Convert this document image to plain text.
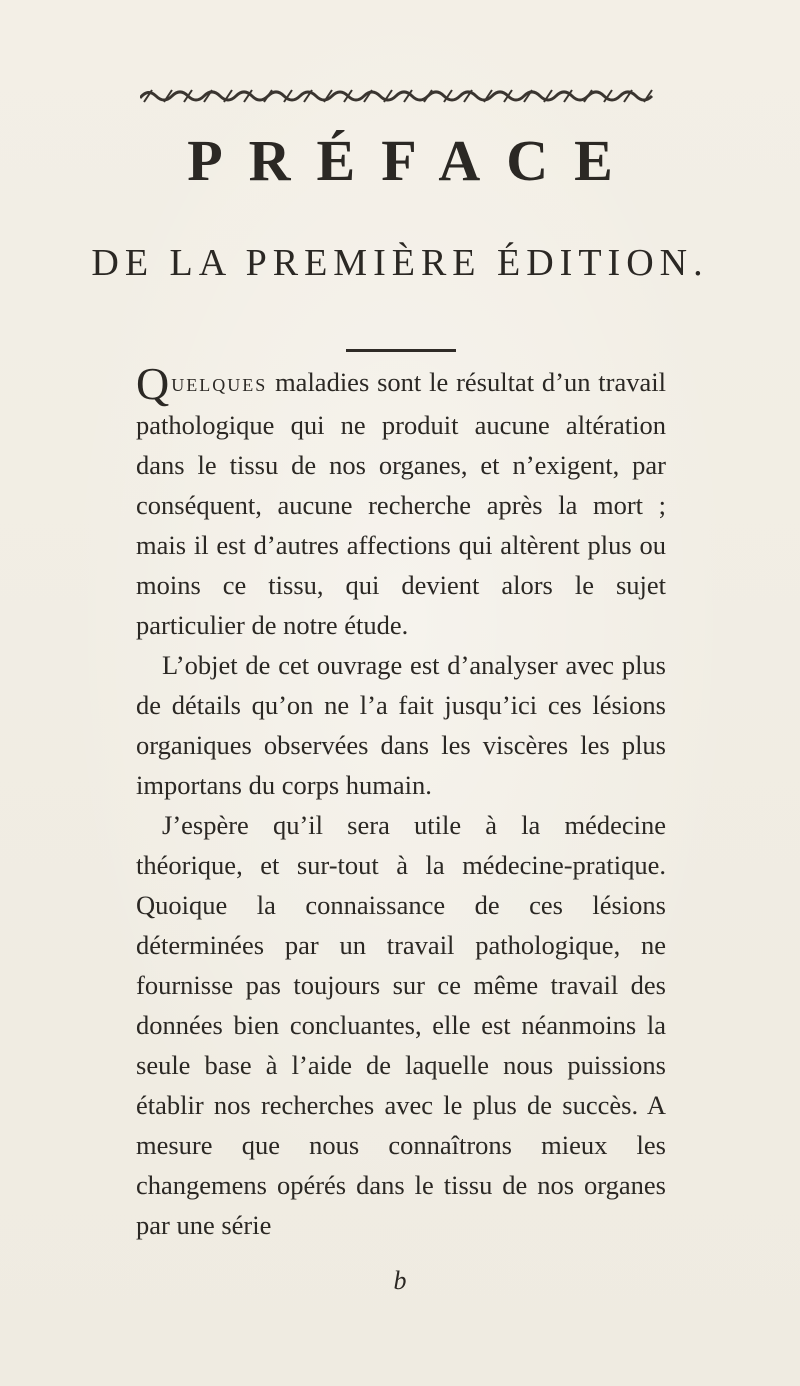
PRÉFACE
DE LA PREMIÈRE ÉDITION.

QUELQUES maladies sont le résultat d’un travail pathologique qui ne produit aucune altération dans le tissu de nos organes, et n’exigent, par conséquent, aucune recherche après la mort ; mais il est d’autres affections qui altèrent plus ou moins ce tissu, qui devient alors le sujet particulier de notre étude.

L’objet de cet ouvrage est d’analyser avec plus de détails qu’on ne l’a fait jusqu’ici ces lésions organiques observées dans les viscères les plus importans du corps humain.

J’espère qu’il sera utile à la médecine théorique, et sur-tout à la médecine-pratique. Quoique la connaissance de ces lésions déterminées par un travail pathologique, ne fournisse pas toujours sur ce même travail des données bien concluantes, elle est néanmoins la seule base à l’aide de laquelle nous puissions établir nos recherches avec le plus de succès. A mesure que nous connaîtrons mieux les changemens opérés dans le tissu de nos organes par une série

b
